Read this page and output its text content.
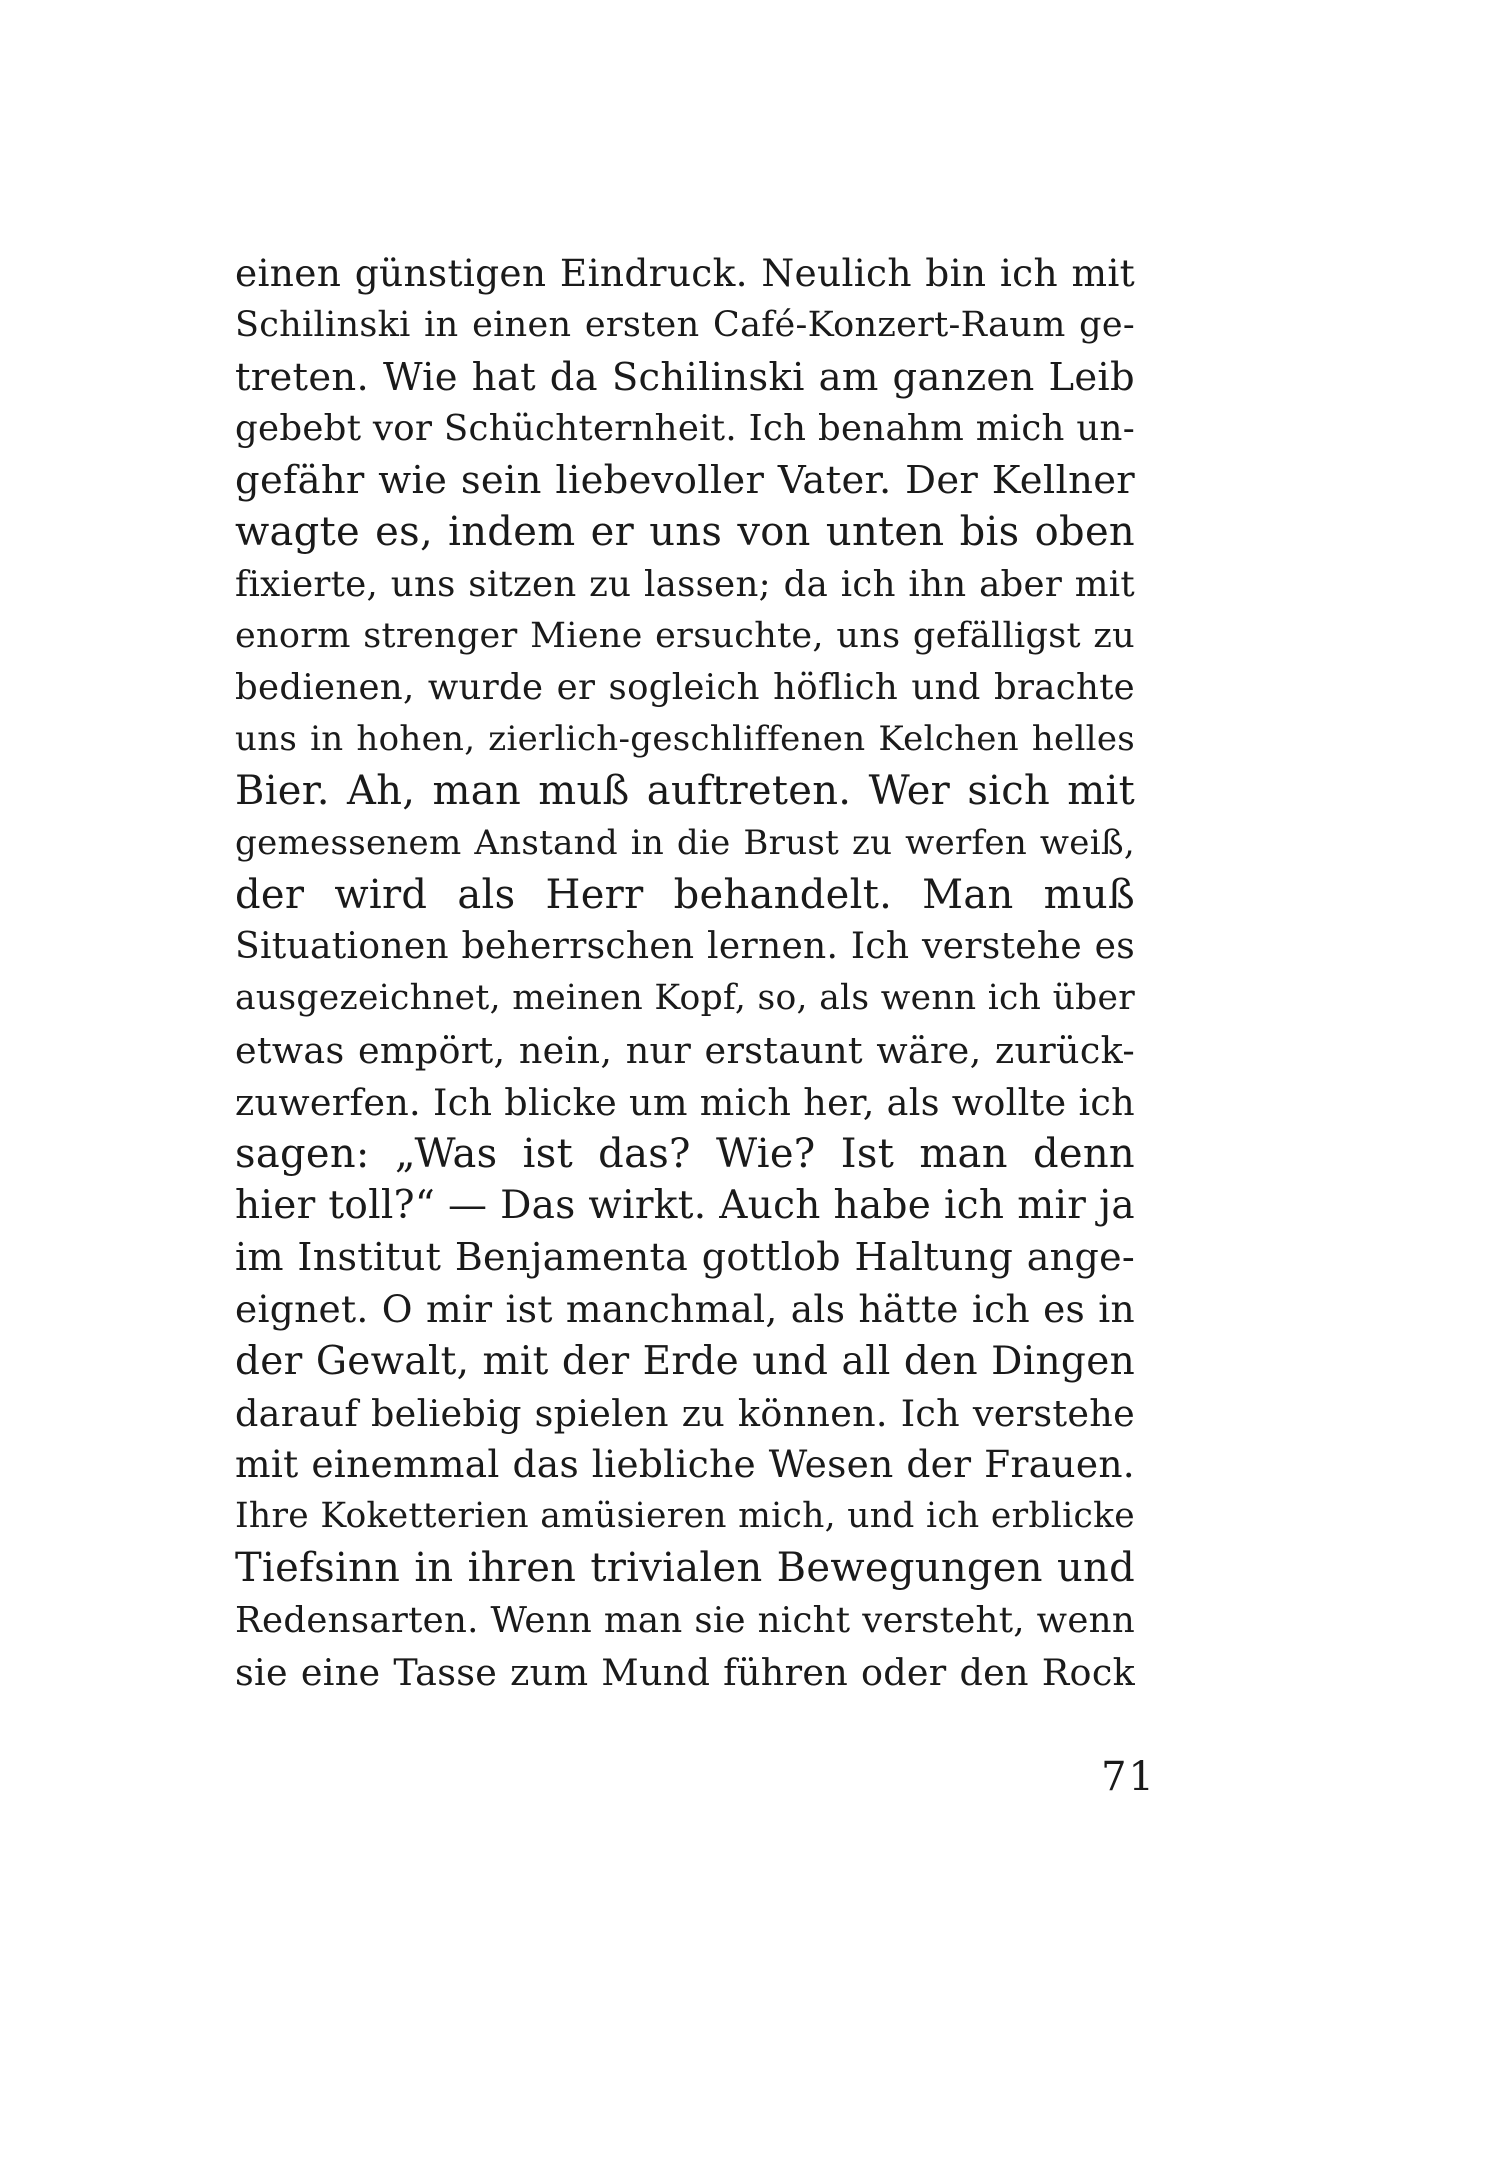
einen günstigen Eindruck. Neulich bin ich mit
Schilinski in einen ersten Café-Konzert-Raum ge-
treten. Wie hat da Schilinski am ganzen Leib
gebebt vor Schüchternheit. Ich benahm mich un-
gefähr wie sein liebevoller Vater. Der Kellner
wagte es, indem er uns von unten bis oben
fixierte, uns sitzen zu lassen; da ich ihn aber mit
enorm strenger Miene ersuchte, uns gefälligst zu
bedienen, wurde er sogleich höflich und brachte
uns in hohen, zierlich-geschliffenen Kelchen helles
Bier. Ah, man muß auftreten. Wer sich mit
gemessenem Anstand in die Brust zu werfen weiß,
der wird als Herr behandelt. Man muß
Situationen beherrschen lernen. Ich verstehe es
ausgezeichnet, meinen Kopf, so, als wenn ich über
etwas empört, nein, nur erstaunt wäre, zurück-
zuwerfen. Ich blicke um mich her, als wollte ich
sagen: „Was ist das? Wie? Ist man denn
hier toll?“ — Das wirkt. Auch habe ich mir ja
im Institut Benjamenta gottlob Haltung ange-
eignet. O mir ist manchmal, als hätte ich es in
der Gewalt, mit der Erde und all den Dingen
darauf beliebig spielen zu können. Ich verstehe
mit einemmal das liebliche Wesen der Frauen.
Ihre Koketterien amüsieren mich, und ich erblicke
Tiefsinn in ihren trivialen Bewegungen und
Redensarten. Wenn man sie nicht versteht, wenn
sie eine Tasse zum Mund führen oder den Rock
71
